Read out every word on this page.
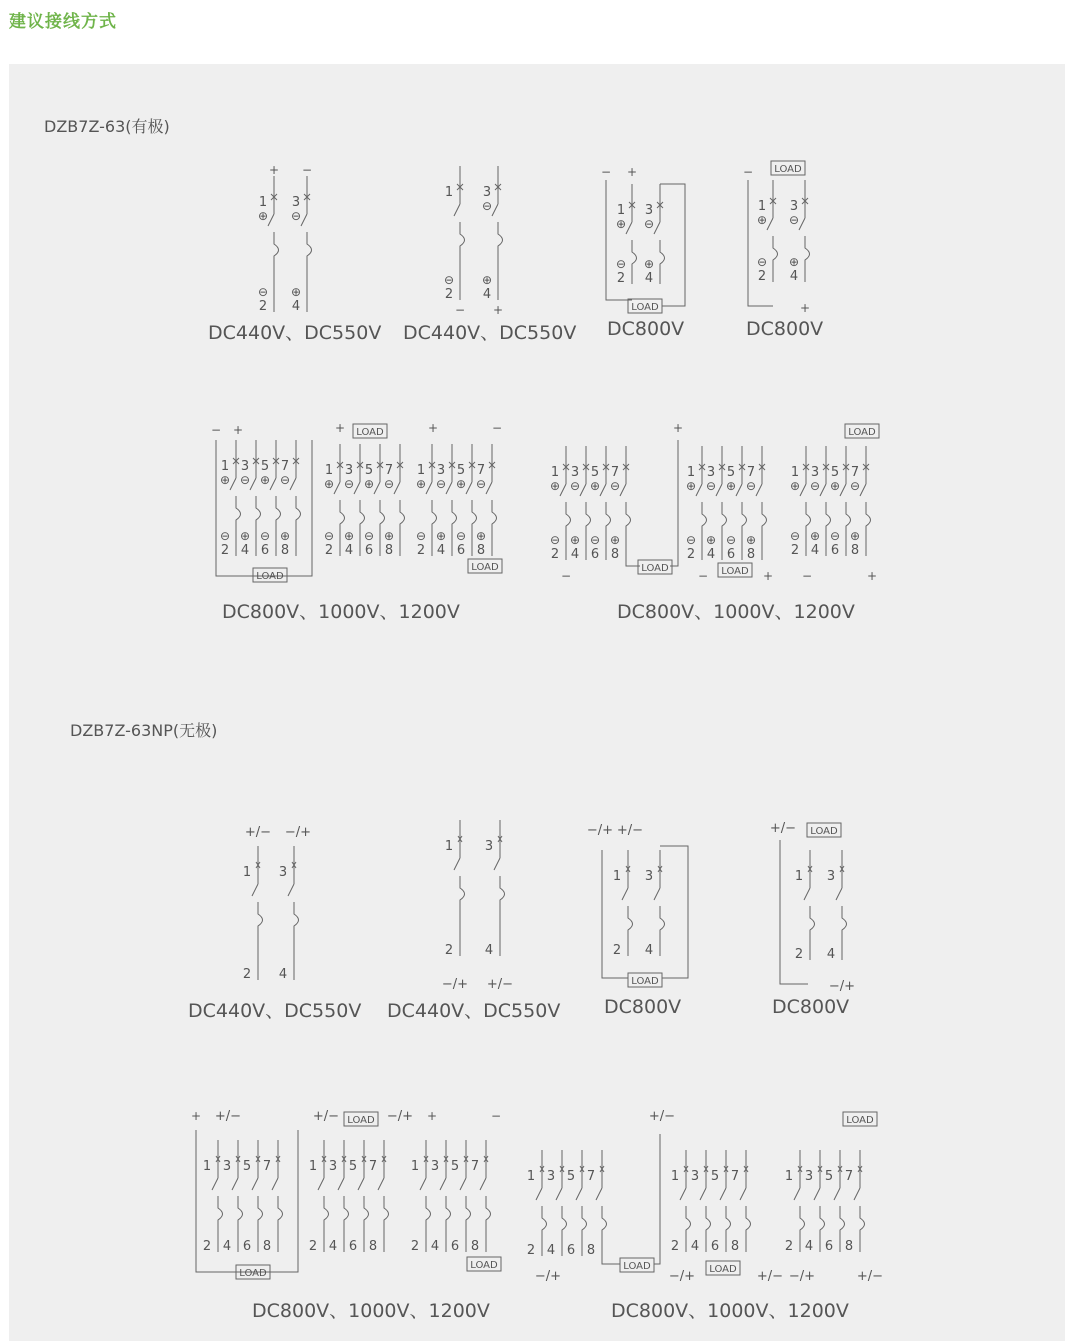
建议接线方式
DZB7Z-63(有极)
DZB7Z-63NP(无极)
DC440V、DC550V DC440V、DC550V DC800V	DC800V
DC800V、1000V、1200V	DC800V、1000V、1200V
DC440V、DC550V DC440V、DC550V DC800V	DC800V
DC800V、1000V、1200V	DC800V、1000V、1200V
1
2
⊕
⊖
3
4
⊖
⊕
+ −
1
2
⊖
3
4
⊖
⊕
− +
1
2
⊕
⊖
3
4
⊖
⊕
LOAD
− +
1
2
⊕
⊖
3
4
⊖
⊕
LOAD
−
+
1
2
⊕
⊖
3
4
⊖
⊕
5
6
⊕
⊖
7
8
⊖
⊕
LOAD
− +
1
2
⊕
⊖
3
4
⊖
⊕
5
6
⊕
⊖
7
8
⊖
⊕
LOAD
+
1
2
⊕
⊖
3
4
⊖
⊕
5
6
⊕
⊖
7
8
⊖
⊕
LOAD
+	−
1
2
⊕
⊖
3
4
⊖
⊕
5
6
⊕
⊖
7
8
⊖
⊕
LOAD
−
+
1
2
⊕
⊖
3
4
⊖
⊕
5
6
⊕
⊖
7
8
⊖
⊕
LOAD
−	+
1
2
⊕
⊖
3
4
⊖
⊕
5
6
⊕
⊖
7
8
⊖
⊕
LOAD
−	+
1
2
3
4
+/− −/+
1
2
3
4
−/+ +/−
1
2
3
4
LOAD
−/+ +/−
1
2
3
4
LOAD
+/−
−/+
1
2
3
4
5
6
7
8
LOAD
+ +/−
1
2
3
4
5
6
7
8
LOAD
+/−	−/+
1
2
3
4
5
6
7
8
LOAD
+	−
1
2
3
4
5
6
7
8
LOAD
−/+
+/−
1
2
3
4
5
6
7
8
LOAD
−/+	+/−
1
2
3
4
5
6
7
8
LOAD
−/+	+/−
